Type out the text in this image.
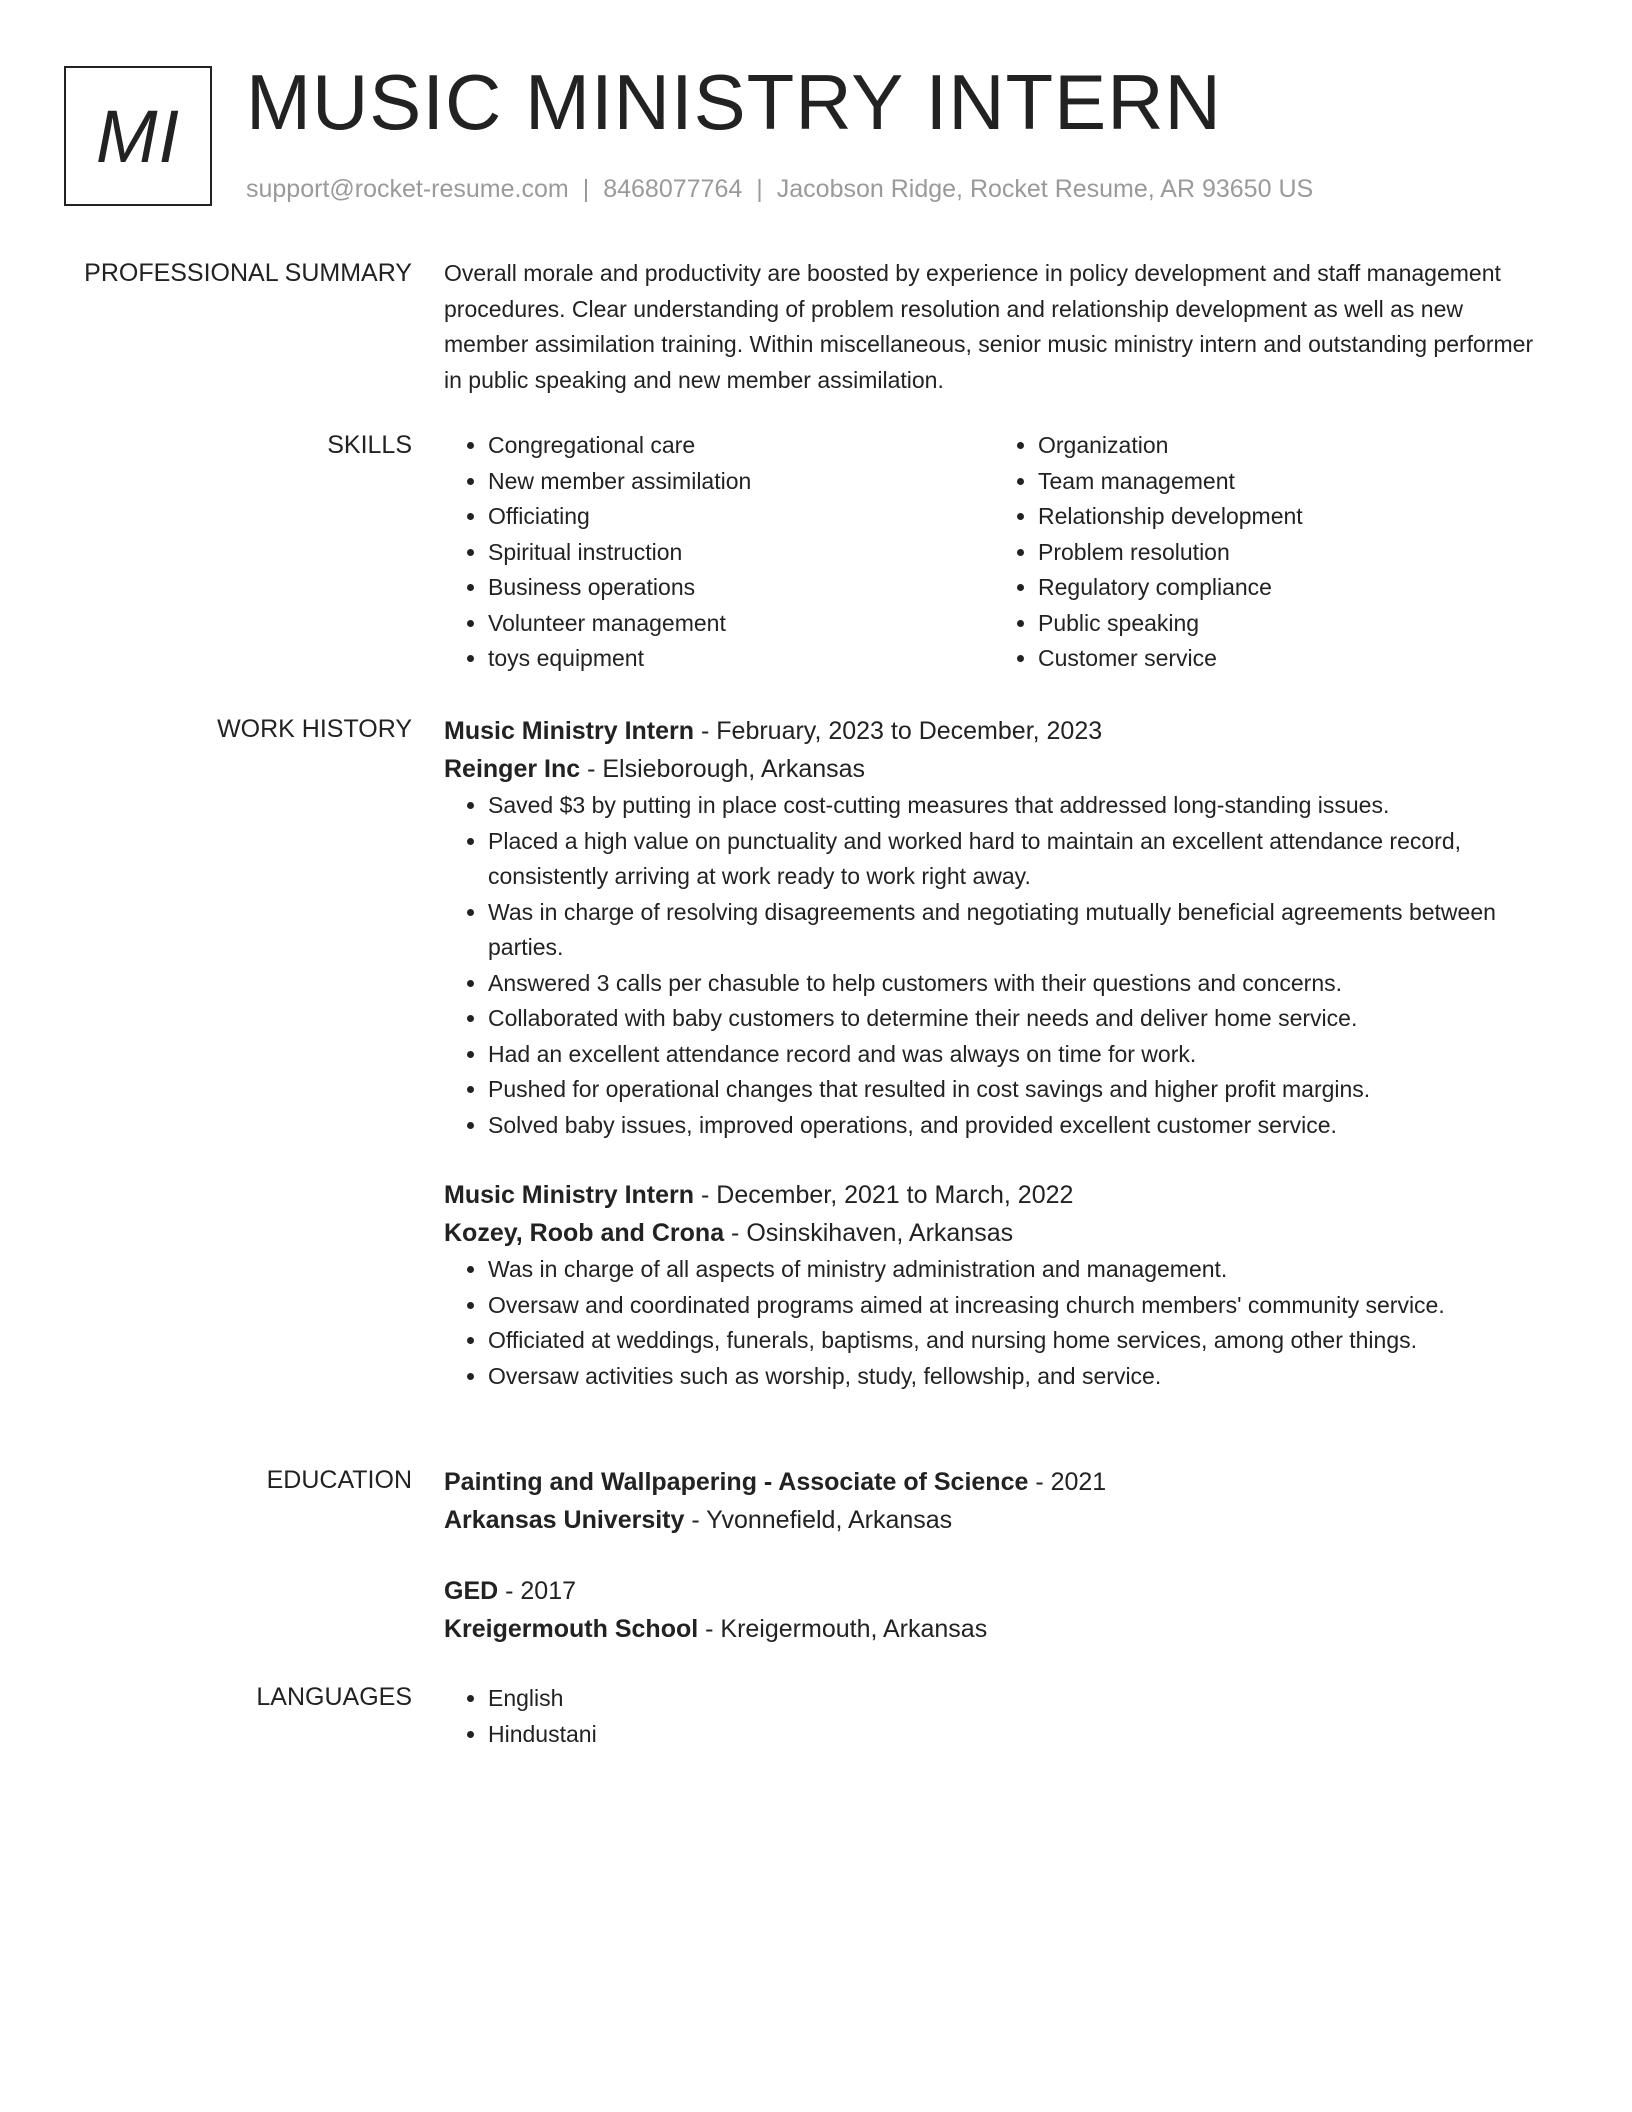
MI MUSIC MINISTRY INTERN
support@rocket-resume.com | 8468077764 | Jacobson Ridge, Rocket Resume, AR 93650 US
PROFESSIONAL SUMMARY Overall morale and productivity are boosted by experience in policy development and staff management procedures. Clear understanding of problem resolution and relationship development as well as new member assimilation training. Within miscellaneous, senior music ministry intern and outstanding performer in public speaking and new member assimilation.

SKILLS	• Congregational care
• New member assimilation
• Officiating
• Spiritual instruction
• Business operations
• Volunteer management
• toys equipment
• Organization
• Team management
• Relationship development
• Problem resolution
• Regulatory compliance
• Public speaking
• Customer service
WORK HISTORY Music Ministry Intern - February, 2023 to December, 2023
Reinger Inc - Elsieborough, Arkansas
• Saved $3 by putting in place cost-cutting measures that addressed long-standing issues.
• Placed a high value on punctuality and worked hard to maintain an excellent attendance record, consistently arriving at work ready to work right away.
• Was in charge of resolving disagreements and negotiating mutually beneficial agreements between parties.
• Answered 3 calls per chasuble to help customers with their questions and concerns.
• Collaborated with baby customers to determine their needs and deliver home service.
• Had an excellent attendance record and was always on time for work.
• Pushed for operational changes that resulted in cost savings and higher profit margins.
• Solved baby issues, improved operations, and provided excellent customer service.
Music Ministry Intern - December, 2021 to March, 2022
Kozey, Roob and Crona - Osinskihaven, Arkansas
• Was in charge of all aspects of ministry administration and management.
• Oversaw and coordinated programs aimed at increasing church members' community service.
• Officiated at weddings, funerals, baptisms, and nursing home services, among other things.
• Oversaw activities such as worship, study, fellowship, and service.
EDUCATION Painting and Wallpapering - Associate of Science - 2021
Arkansas University - Yvonnefield, Arkansas
GED - 2017
Kreigermouth School - Kreigermouth, Arkansas
LANGUAGES	• English
• Hindustani
